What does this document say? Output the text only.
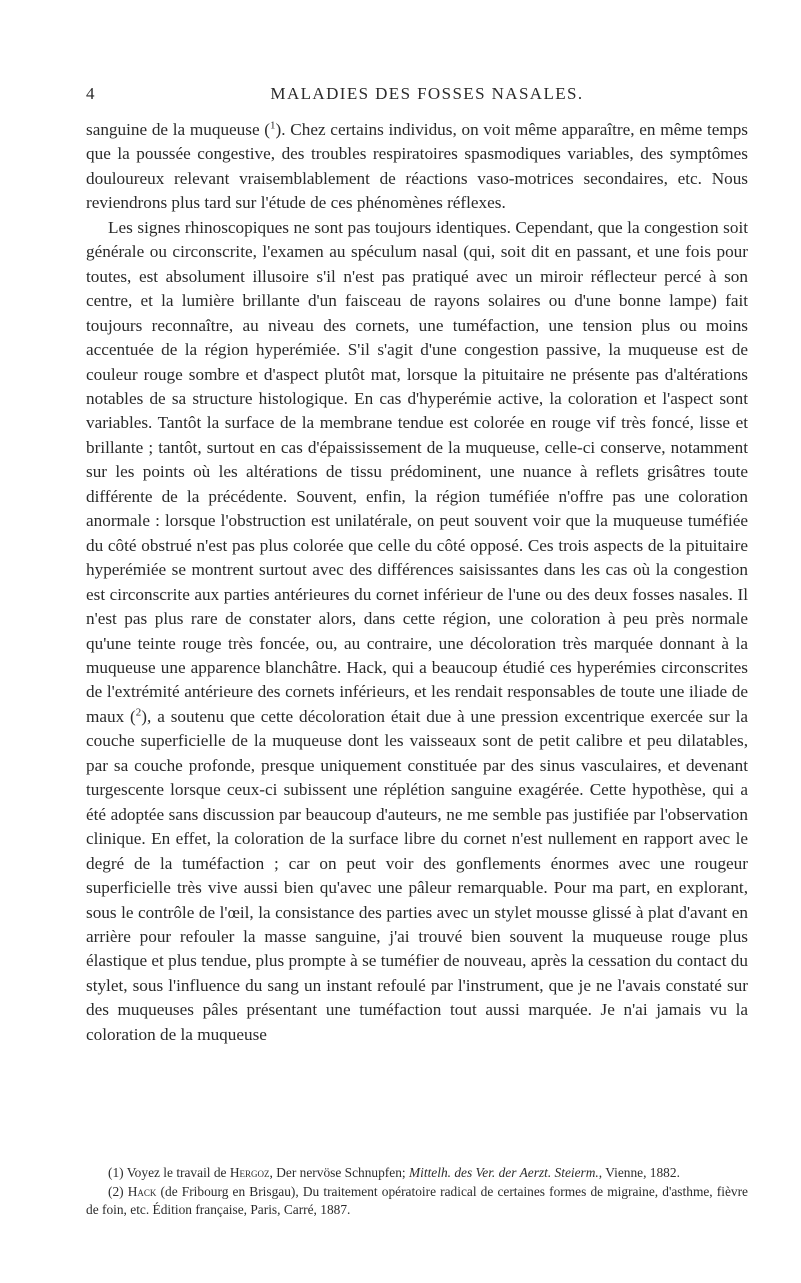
4	MALADIES DES FOSSES NASALES.

sanguine de la muqueuse ($^1$). Chez certains individus, on voit même apparaître, en même temps que la poussée congestive, des troubles respiratoires spasmodiques variables, des symptômes douloureux relevant vraisemblablement de réactions vaso-motrices secondaires, etc. Nous reviendrons plus tard sur l'étude de ces phénomènes réflexes.

Les signes rhinoscopiques ne sont pas toujours identiques. Cependant, que la congestion soit générale ou circonscrite, l'examen au spéculum nasal (qui, soit dit en passant, et une fois pour toutes, est absolument illusoire s'il n'est pas pratiqué avec un miroir réflecteur percé à son centre, et la lumière brillante d'un faisceau de rayons solaires ou d'une bonne lampe) fait toujours reconnaître, au niveau des cornets, une tuméfaction, une tension plus ou moins accentuée de la région hyperémiée. S'il s'agit d'une congestion passive, la muqueuse est de couleur rouge sombre et d'aspect plutôt mat, lorsque la pituitaire ne présente pas d'altérations notables de sa structure histologique. En cas d'hyperémie active, la coloration et l'aspect sont variables. Tantôt la surface de la membrane tendue est colorée en rouge vif très foncé, lisse et brillante ; tantôt, surtout en cas d'épaississement de la muqueuse, celle-ci conserve, notamment sur les points où les altérations de tissu prédominent, une nuance à reflets grisâtres toute différente de la précédente. Souvent, enfin, la région tuméfiée n'offre pas une coloration anormale : lorsque l'obstruction est unilatérale, on peut souvent voir que la muqueuse tuméfiée du côté obstrué n'est pas plus colorée que celle du côté opposé. Ces trois aspects de la pituitaire hyperémiée se montrent surtout avec des différences saisissantes dans les cas où la congestion est circonscrite aux parties antérieures du cornet inférieur de l'une ou des deux fosses nasales. Il n'est pas plus rare de constater alors, dans cette région, une coloration à peu près normale qu'une teinte rouge très foncée, ou, au contraire, une décoloration très marquée donnant à la muqueuse une apparence blanchâtre. Hack, qui a beaucoup étudié ces hyperémies circonscrites de l'extrémité antérieure des cornets inférieurs, et les rendait responsables de toute une iliade de maux ($^2$), a soutenu que cette décoloration était due à une pression excentrique exercée sur la couche superficielle de la muqueuse dont les vaisseaux sont de petit calibre et peu dilatables, par sa couche profonde, presque uniquement constituée par des sinus vasculaires, et devenant turgescente lorsque ceux-ci subissent une réplétion sanguine exagérée. Cette hypothèse, qui a été adoptée sans discussion par beaucoup d'auteurs, ne me semble pas justifiée par l'observation clinique. En effet, la coloration de la surface libre du cornet n'est nullement en rapport avec le degré de la tuméfaction ; car on peut voir des gonflements énormes avec une rougeur superficielle très vive aussi bien qu'avec une pâleur remarquable. Pour ma part, en explorant, sous le contrôle de l'œil, la consistance des parties avec un stylet mousse glissé à plat d'avant en arrière pour refouler la masse sanguine, j'ai trouvé bien souvent la muqueuse rouge plus élastique et plus tendue, plus prompte à se tuméfier de nouveau, après la cessation du contact du stylet, sous l'influence du sang un instant refoulé par l'instrument, que je ne l'avais constaté sur des muqueuses pâles présentant une tuméfaction tout aussi marquée. Je n'ai jamais vu la coloration de la muqueuse

(1) Voyez le travail de Hergoz, Der nervöse Schnupfen; Mittelh. des Ver. der Aerzt. Steierm., Vienne, 1882.

(2) Hack (de Fribourg en Brisgau), Du traitement opératoire radical de certaines formes de migraine, d'asthme, fièvre de foin, etc. Édition française, Paris, Carré, 1887.
